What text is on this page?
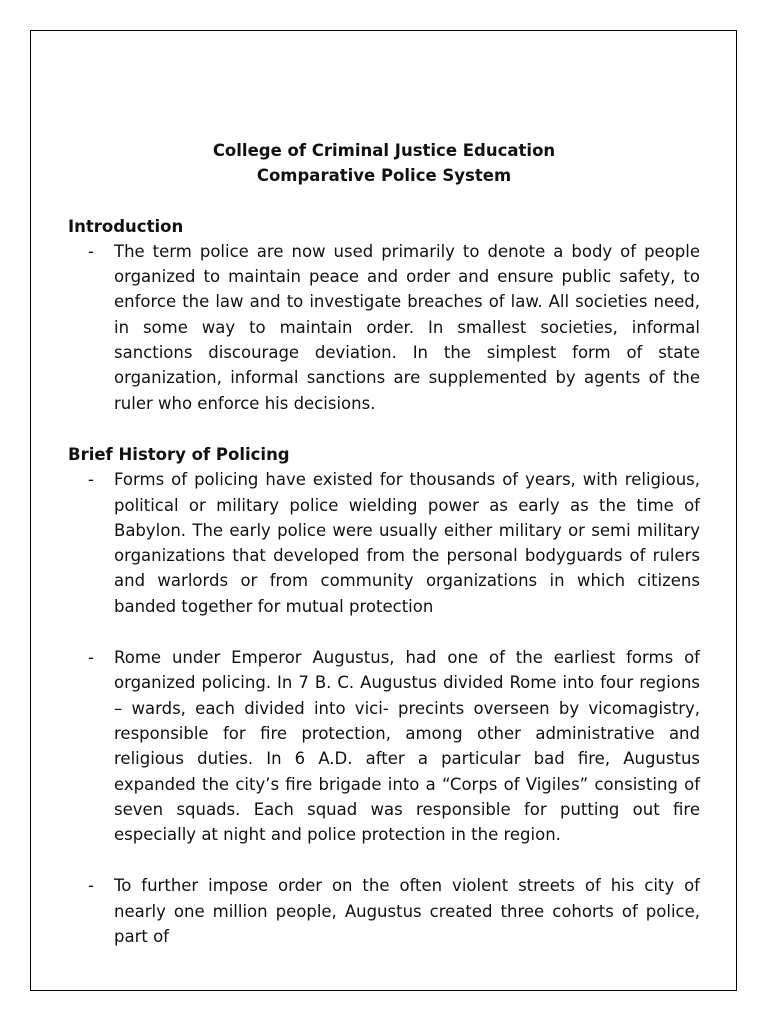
College of Criminal Justice Education
Comparative Police System
Introduction
- The term police are now used primarily to denote a body of people organized to maintain peace and order and ensure public safety, to enforce the law and to investigate breaches of law. All societies need, in some way to maintain order. In smallest societies, informal sanctions discourage deviation. In the simplest form of state organization, informal sanctions are supplemented by agents of the ruler who enforce his decisions.
Brief History of Policing
- Forms of policing have existed for thousands of years, with religious, political or military police wielding power as early as the time of Babylon. The early police were usually either military or semi military organizations that developed from the personal bodyguards of rulers and warlords or from community organizations in which citizens banded together for mutual protection
- Rome under Emperor Augustus, had one of the earliest forms of organized policing. In 7 B. C. Augustus divided Rome into four regions – wards, each divided into vici- precints overseen by vicomagistry, responsible for fire protection, among other administrative and religious duties. In 6 A.D. after a particular bad fire, Augustus expanded the city’s fire brigade into a “Corps of Vigiles” consisting of seven squads. Each squad was responsible for putting out fire especially at night and police protection in the region.
- To further impose order on the often violent streets of his city of nearly one million people, Augustus created three cohorts of police, part of
